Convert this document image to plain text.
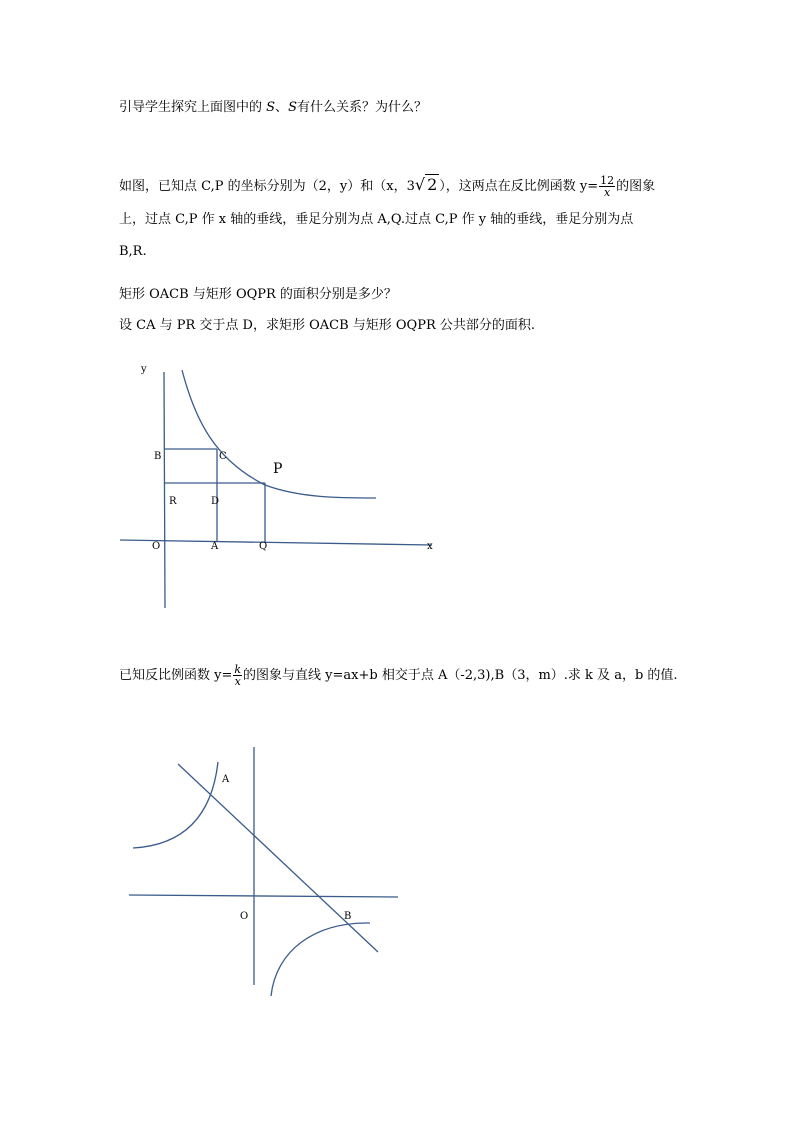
引导学生探究上面图中的 S、S有什么关系？为什么？
如图，已知点 C,P 的坐标分别为（2，y）和（x，3√ 2 ），这两点在反比例函数 $y= \frac{12}{x}$ 的图象
上，过点 C,P 作 x 轴的垂线，垂足分别为点 A,Q.过点 C,P 作 y 轴的垂线，垂足分别为点
B,R.
矩形 OACB 与矩形 OQPR 的面积分别是多少？
设 CA 与 PR 交于点 D，求矩形 OACB 与矩形 OQPR 公共部分的面积.
y
B	C
P
R	D
O	A	Q	x
已知反比例函数 $y= \frac{k}{x}$ 的图象与直线 y=ax+b 相交于点 A（-2,3),B（3，m）.求 k 及 a，b 的值.
A
O	B
